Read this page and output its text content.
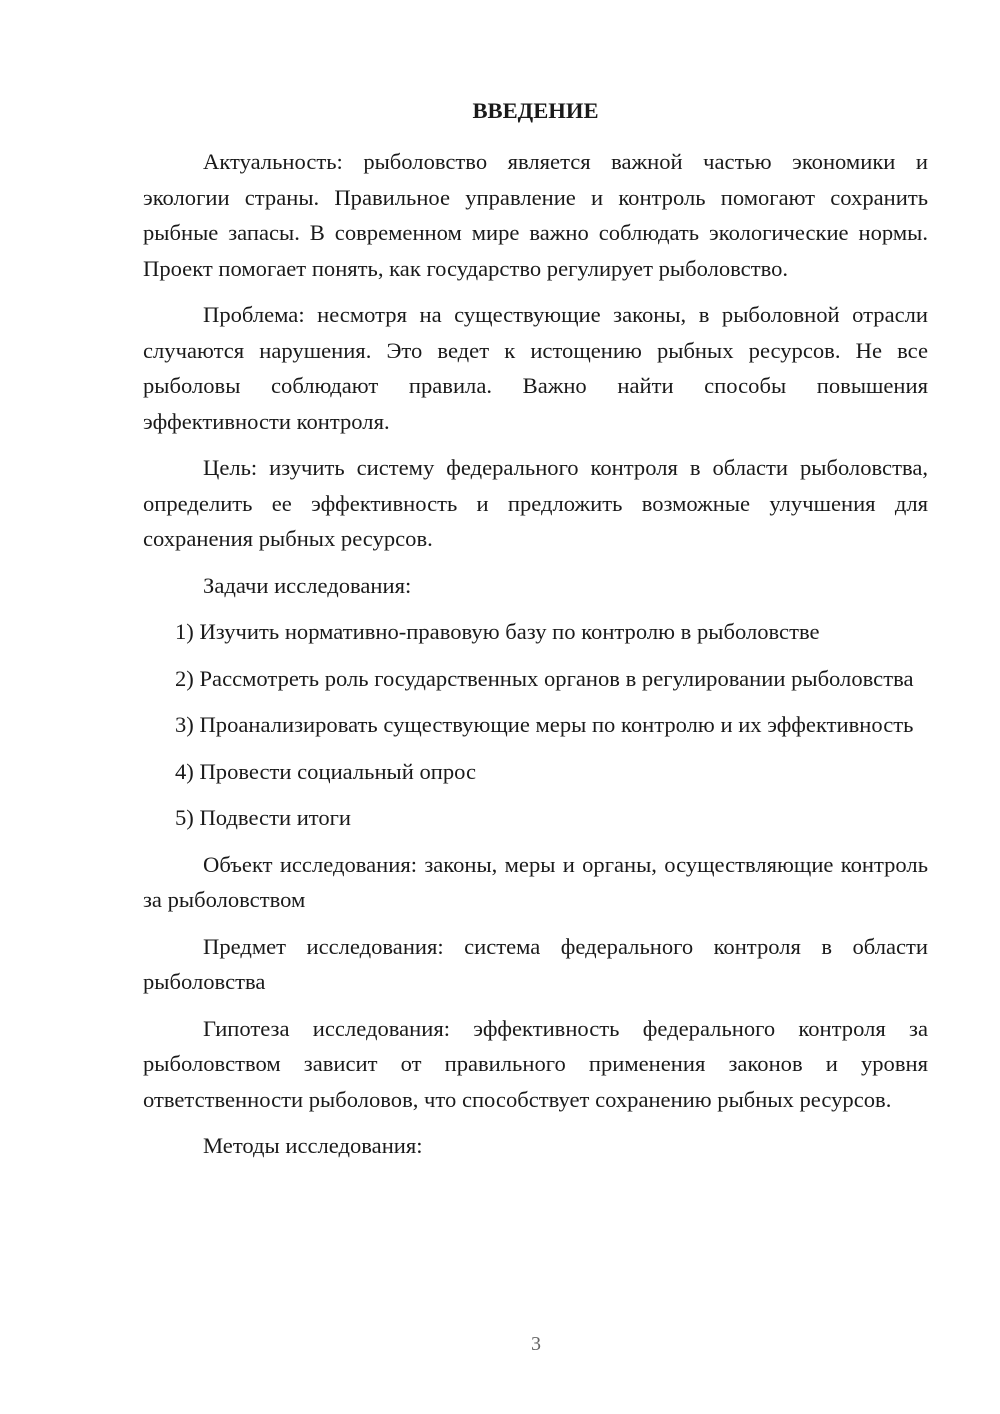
ВВЕДЕНИЕ

Актуальность: рыболовство является важной частью экономики и экологии страны. Правильное управление и контроль помогают сохранить рыбные запасы. В современном мире важно соблюдать экологические нормы. Проект помогает понять, как государство регулирует рыболовство.

Проблема: несмотря на существующие законы, в рыболовной отрасли случаются нарушения. Это ведет к истощению рыбных ресурсов. Не все рыболовы соблюдают правила. Важно найти способы повышения эффективности контроля.

Цель: изучить систему федерального контроля в области рыболовства, определить ее эффективность и предложить возможные улучшения для сохранения рыбных ресурсов.

Задачи исследования:

1) Изучить нормативно-правовую базу по контролю в рыболовстве

2) Рассмотреть роль государственных органов в регулировании рыболовства

3) Проанализировать существующие меры по контролю и их эффективность

4) Провести социальный опрос

5) Подвести итоги

Объект исследования: законы, меры и органы, осуществляющие контроль за рыболовством

Предмет исследования: система федерального контроля в области рыболовства

Гипотеза исследования: эффективность федерального контроля за рыболовством зависит от правильного применения законов и уровня ответственности рыболовов, что способствует сохранению рыбных ресурсов.

Методы исследования:

3
